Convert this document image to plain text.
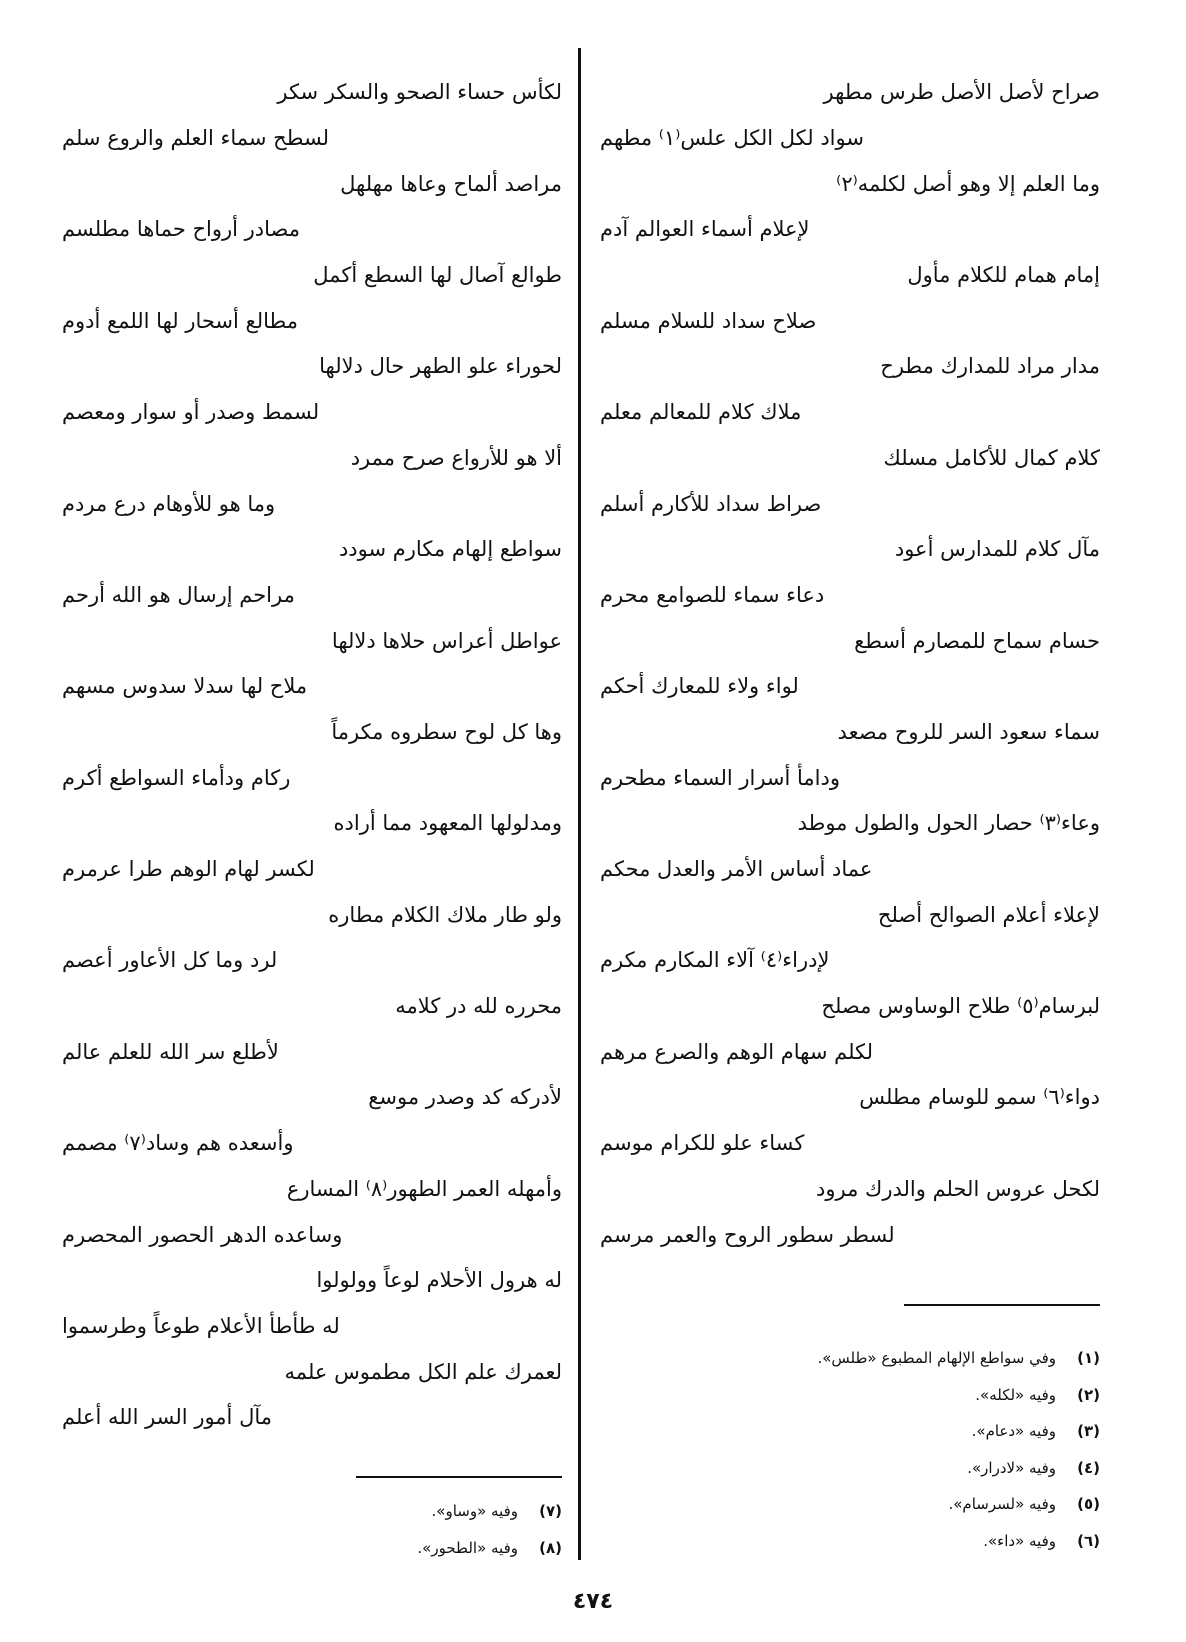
صراح لأصل الأصل طرس مطهر
سواد لكل الكل علس⁽١⁾ مطهم
وما العلم إلا وهو أصل لكلمه⁽٢⁾
لإعلام أسماء العوالم آدم
إمام همام للكلام مأول
صلاح سداد للسلام مسلم
مدار مراد للمدارك مطرح
ملاك كلام للمعالم معلم
كلام كمال للأكامل مسلك
صراط سداد للأكارم أسلم
مآل كلام للمدارس أعود
دعاء سماء للصوامع محرم
حسام سماح للمصارم أسطع
لواء ولاء للمعارك أحكم
سماء سعود السر للروح مصعد
ودامأ أسرار السماء مطحرم
وعاء⁽٣⁾ حصار الحول والطول موطد
عماد أساس الأمر والعدل محكم
لإعلاء أعلام الصوالح أصلح
لإدراء⁽٤⁾ آلاء المكارم مكرم
لبرسام⁽٥⁾ طلاح الوساوس مصلح
لكلم سهام الوهم والصرع مرهم
دواء⁽٦⁾ سمو للوسام مطلس
كساء علو للكرام موسم
لكحل عروس الحلم والدرك مرود
لسطر سطور الروح والعمر مرسم
لكأس حساء الصحو والسكر سكر
لسطح سماء العلم والروع سلم
مراصد ألماح وعاها مهلهل
مصادر أرواح حماها مطلسم
طوالع آصال لها السطع أكمل
مطالع أسحار لها اللمع أدوم
لحوراء علو الطهر حال دلالها
لسمط وصدر أو سوار ومعصم
ألا هو للأرواع صرح ممرد
وما هو للأوهام درع مردم
سواطع إلهام مكارم سودد
مراحم إرسال هو الله أرحم
عواطل أعراس حلاها دلالها
ملاح لها سدلا سدوس مسهم
وها كل لوح سطروه مكرماً
ركام ودأماء السواطع أكرم
ومدلولها المعهود مما أراده
لكسر لهام الوهم طرا عرمرم
ولو طار ملاك الكلام مطاره
لرد وما كل الأعاور أعصم
محرره لله در كلامه
لأطلع سر الله للعلم عالم
لأدركه كد وصدر موسع
وأسعده هم وساد⁽٧⁾ مصمم
وأمهله العمر الطهور⁽٨⁾ المسارع
وساعده الدهر الحصور المحصرم
له هرول الأحلام لوعاً وولولوا
له طأطأ الأعلام طوعاً وطرسموا
لعمرك علم الكل مطموس علمه
مآل أمور السر الله أعلم
(١)
وفي سواطع الإلهام المطبوع «طلس».
(٢)
وفيه «لكله».
(٣)
وفيه «دعام».
(٤)
وفيه «لادرار».
(٥)
وفيه «لسرسام».
(٦)
وفيه «داء».
(٧)
وفيه «وساو».
(٨)
وفيه «الطحور».
٤٧٤
